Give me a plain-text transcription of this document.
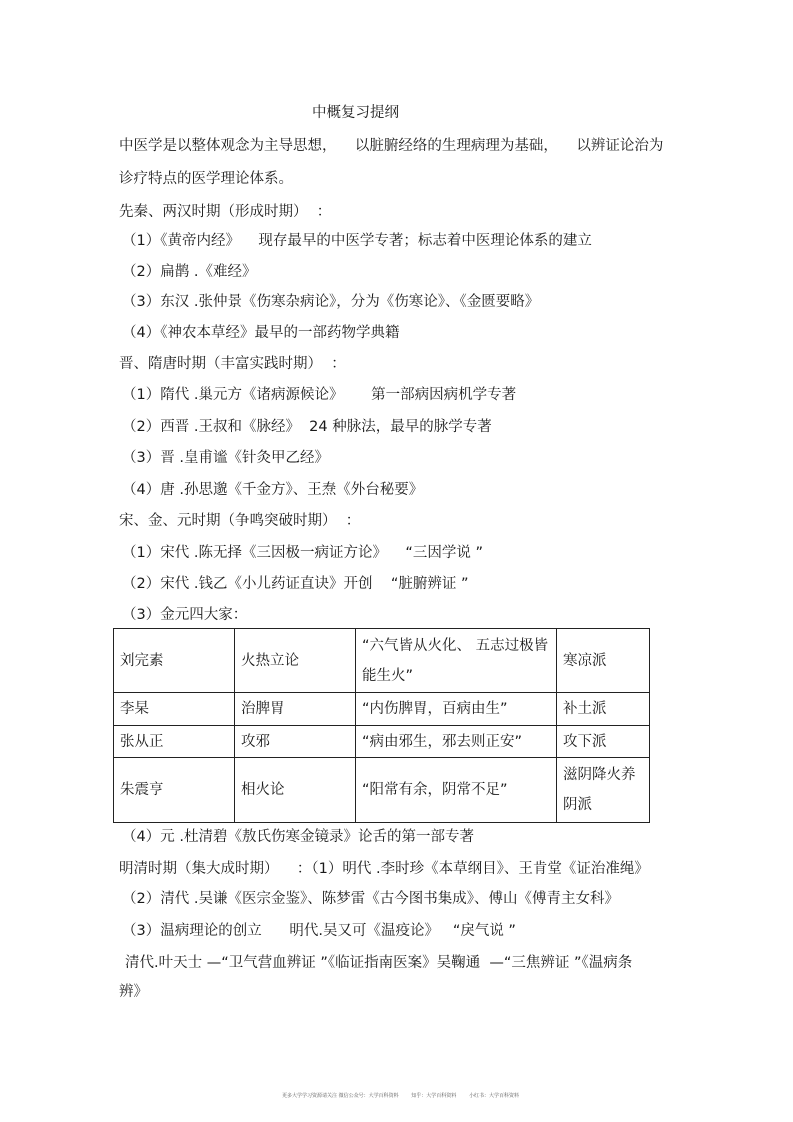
中概复习提纲
中医学是以整体观念为主导思想，    以脏腑经络的生理病理为基础，    以辨证论治为
诊疗特点的医学理论体系。
先秦、两汉时期（形成时期）  ：
（1）《黄帝内经》    现存最早的中医学专著；标志着中医理论体系的建立
（2）扁鹊 .《难经》
（3）东汉 .张仲景《伤寒杂病论》，分为《伤寒论》、《金匮要略》
（4）《神农本草经》最早的一部药物学典籍
晋、隋唐时期（丰富实践时期）  ：
（1）隋代 .巢元方《诸病源候论》      第一部病因病机学专著
（2）西晋 .王叔和《脉经》  24 种脉法，最早的脉学专著
（3）晋 .皇甫谧《针灸甲乙经》
（4）唐 .孙思邈《千金方》、王焘《外台秘要》
宋、金、元时期（争鸣突破时期）  ：
（1）宋代 .陈无择《三因极一病证方论》    “三因学说 ”
（2）宋代 .钱乙《小儿药证直诀》开创    “脏腑辨证 ”
（3）金元四大家：
刘完素	火热立论	“六气皆从火化、 五志过极皆能生火”	寒凉派
李杲	治脾胃	“内伤脾胃，百病由生”	补土派
张从正	攻邪	“病由邪生，邪去则正安”	攻下派
朱震亨	相火论	“阳常有余，阴常不足”	滋阴降火养阴派
（4）元 .杜清碧《敖氏伤寒金镜录》论舌的第一部专著
明清时期（集大成时期）    ：（1）明代 .李时珍《本草纲目》、王肯堂《证治准绳》
（2）清代 .吴谦《医宗金鉴》、陈梦雷《古今图书集成》、傅山《傅青主女科》
（3）温病理论的创立      明代.吴又可《温疫论》   “戾气说 ”
清代.叶天士 —“卫气营血辨证 ”《临证指南医案》吴鞠通  —“三焦辨证 ”《温病条
辨》
更多大学学习资源请关注 微信公众号：大学百科资料        知乎：大学百科资料        小红书：大学百科资料
